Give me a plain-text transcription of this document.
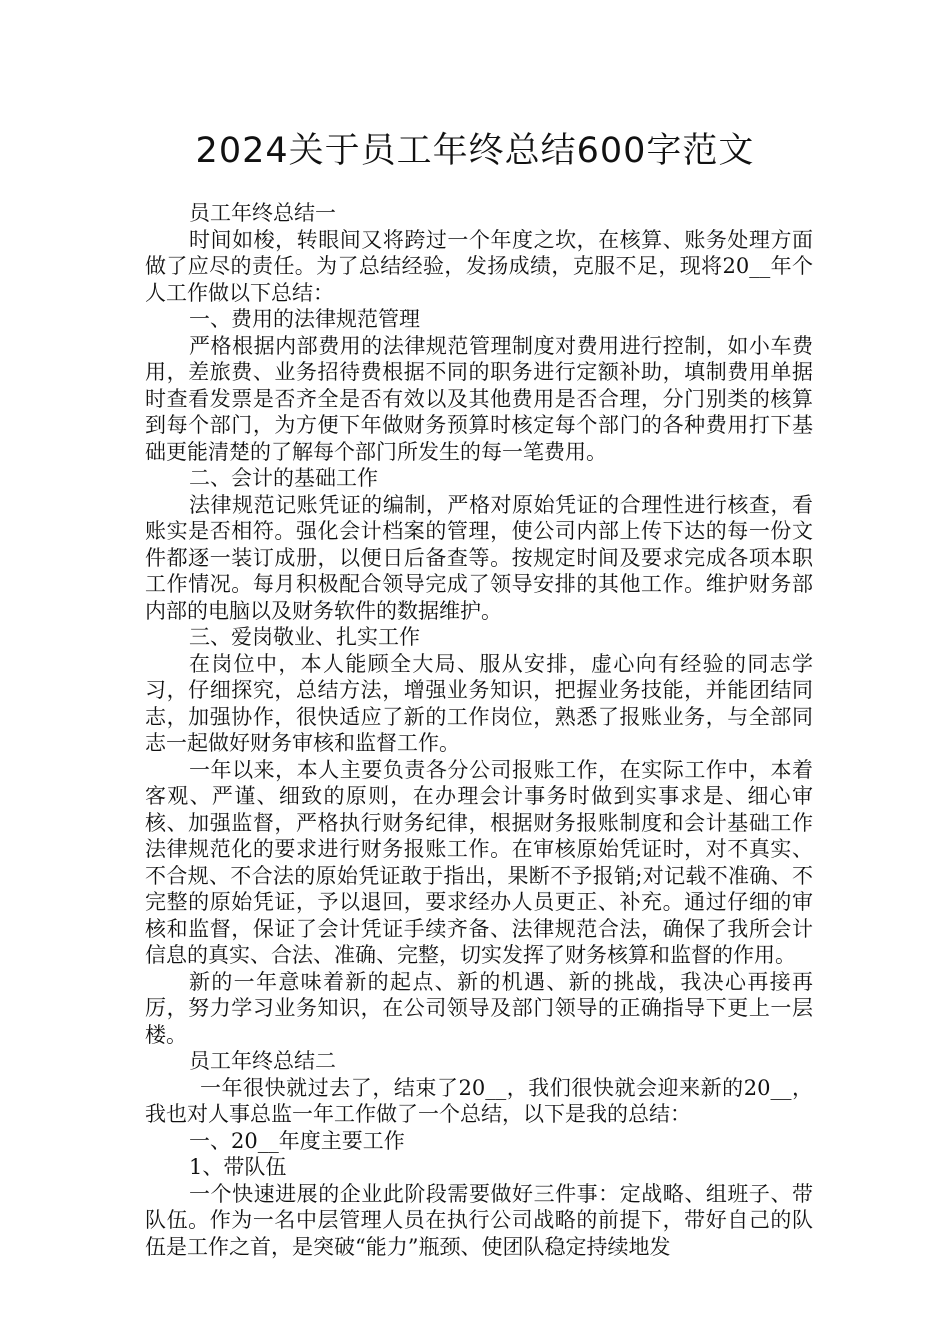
2024关于员工年终总结600字范文

员工年终总结一

时间如梭，转眼间又将跨过一个年度之坎，在核算、账务处理方面做了应尽的责任。为了总结经验，发扬成绩，克服不足，现将20__年个人工作做以下总结：

一、费用的法律规范管理

严格根据内部费用的法律规范管理制度对费用进行控制，如小车费用，差旅费、业务招待费根据不同的职务进行定额补助，填制费用单据时查看发票是否齐全是否有效以及其他费用是否合理，分门别类的核算到每个部门，为方便下年做财务预算时核定每个部门的各种费用打下基础更能清楚的了解每个部门所发生的每一笔费用。

二、会计的基础工作

法律规范记账凭证的编制，严格对原始凭证的合理性进行核查，看账实是否相符。强化会计档案的管理，使公司内部上传下达的每一份文件都逐一装订成册，以便日后备查等。按规定时间及要求完成各项本职工作情况。每月积极配合领导完成了领导安排的其他工作。维护财务部内部的电脑以及财务软件的数据维护。

三、爱岗敬业、扎实工作

在岗位中，本人能顾全大局、服从安排，虚心向有经验的同志学习，仔细探究，总结方法，增强业务知识，把握业务技能，并能团结同志，加强协作，很快适应了新的工作岗位，熟悉了报账业务，与全部同志一起做好财务审核和监督工作。

一年以来，本人主要负责各分公司报账工作，在实际工作中，本着客观、严谨、细致的原则，在办理会计事务时做到实事求是、细心审核、加强监督，严格执行财务纪律，根据财务报账制度和会计基础工作法律规范化的要求进行财务报账工作。在审核原始凭证时，对不真实、不合规、不合法的原始凭证敢于指出，果断不予报销;对记载不准确、不完整的原始凭证，予以退回，要求经办人员更正、补充。通过仔细的审核和监督，保证了会计凭证手续齐备、法律规范合法，确保了我所会计信息的真实、合法、准确、完整，切实发挥了财务核算和监督的作用。

新的一年意味着新的起点、新的机遇、新的挑战，我决心再接再厉，努力学习业务知识，在公司领导及部门领导的正确指导下更上一层楼。

员工年终总结二

一年很快就过去了，结束了20__，我们很快就会迎来新的20__，我也对人事总监一年工作做了一个总结，以下是我的总结：

一、20__年度主要工作

1、带队伍

一个快速进展的企业此阶段需要做好三件事：定战略、组班子、带队伍。作为一名中层管理人员在执行公司战略的前提下，带好自己的队伍是工作之首，是突破“能力”瓶颈、使团队稳定持续地发
